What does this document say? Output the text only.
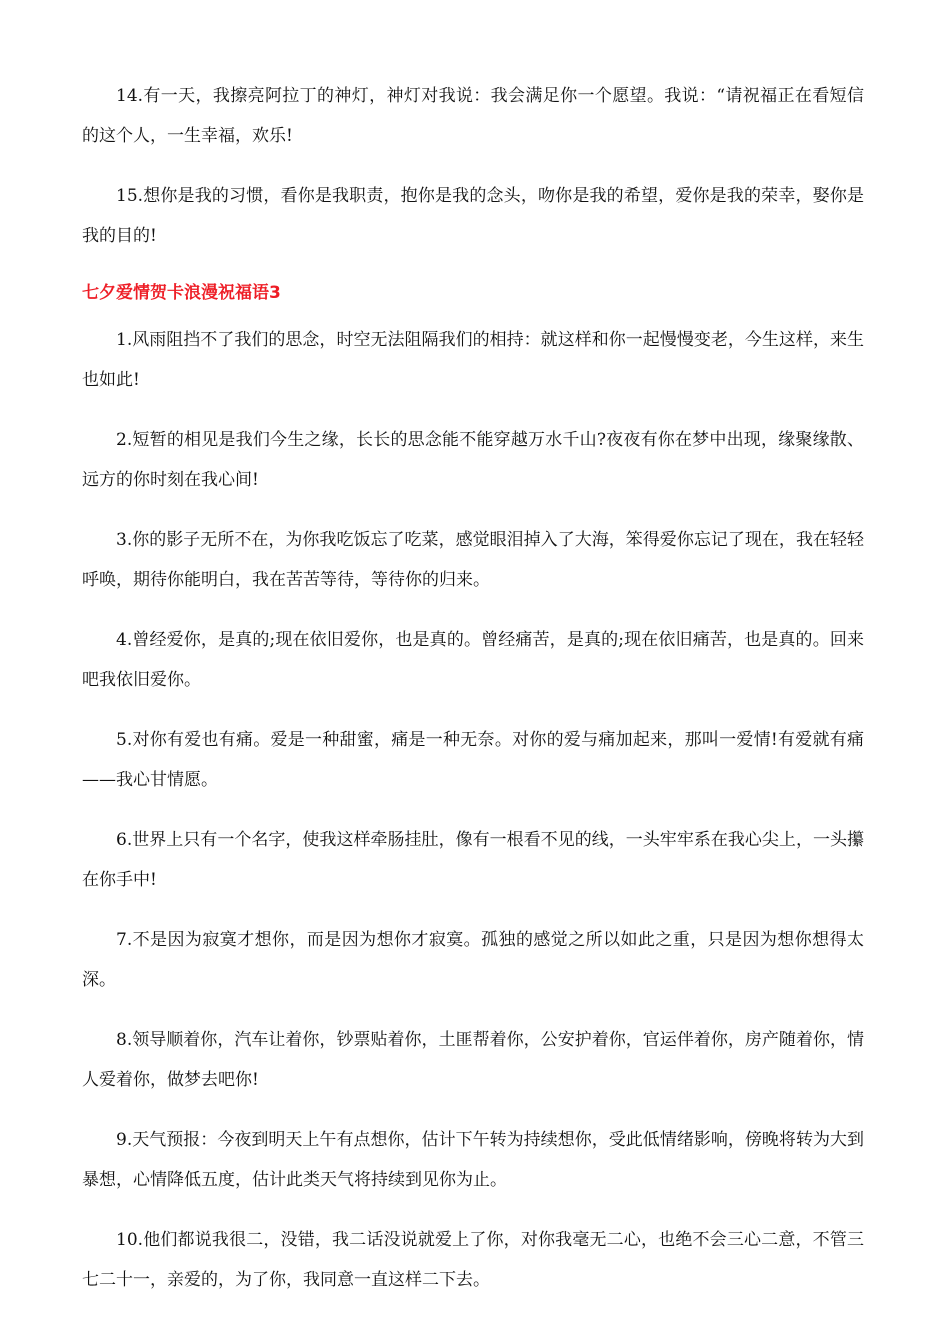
14.有一天，我擦亮阿拉丁的神灯，神灯对我说：我会满足你一个愿望。我说：“请祝福正在看短信的这个人，一生幸福，欢乐!

15.想你是我的习惯，看你是我职责，抱你是我的念头，吻你是我的希望，爱你是我的荣幸，娶你是我的目的!

七夕爱情贺卡浪漫祝福语3

1.风雨阻挡不了我们的思念，时空无法阻隔我们的相持：就这样和你一起慢慢变老，今生这样，来生也如此!

2.短暂的相见是我们今生之缘，长长的思念能不能穿越万水千山?夜夜有你在梦中出现，缘聚缘散、远方的你时刻在我心间!

3.你的影子无所不在，为你我吃饭忘了吃菜，感觉眼泪掉入了大海，笨得爱你忘记了现在，我在轻轻呼唤，期待你能明白，我在苦苦等待，等待你的归来。

4.曾经爱你，是真的;现在依旧爱你，也是真的。曾经痛苦，是真的;现在依旧痛苦，也是真的。回来吧我依旧爱你。

5.对你有爱也有痛。爱是一种甜蜜，痛是一种无奈。对你的爱与痛加起来，那叫一爱情!有爱就有痛——我心甘情愿。

6.世界上只有一个名字，使我这样牵肠挂肚，像有一根看不见的线，一头牢牢系在我心尖上，一头攥在你手中!

7.不是因为寂寞才想你，而是因为想你才寂寞。孤独的感觉之所以如此之重，只是因为想你想得太深。

8.领导顺着你，汽车让着你，钞票贴着你，土匪帮着你，公安护着你，官运伴着你，房产随着你，情人爱着你，做梦去吧你!

9.天气预报：今夜到明天上午有点想你，估计下午转为持续想你，受此低情绪影响，傍晚将转为大到暴想，心情降低五度，估计此类天气将持续到见你为止。

10.他们都说我很二，没错，我二话没说就爱上了你，对你我毫无二心，也绝不会三心二意，不管三七二十一，亲爱的，为了你，我同意一直这样二下去。
